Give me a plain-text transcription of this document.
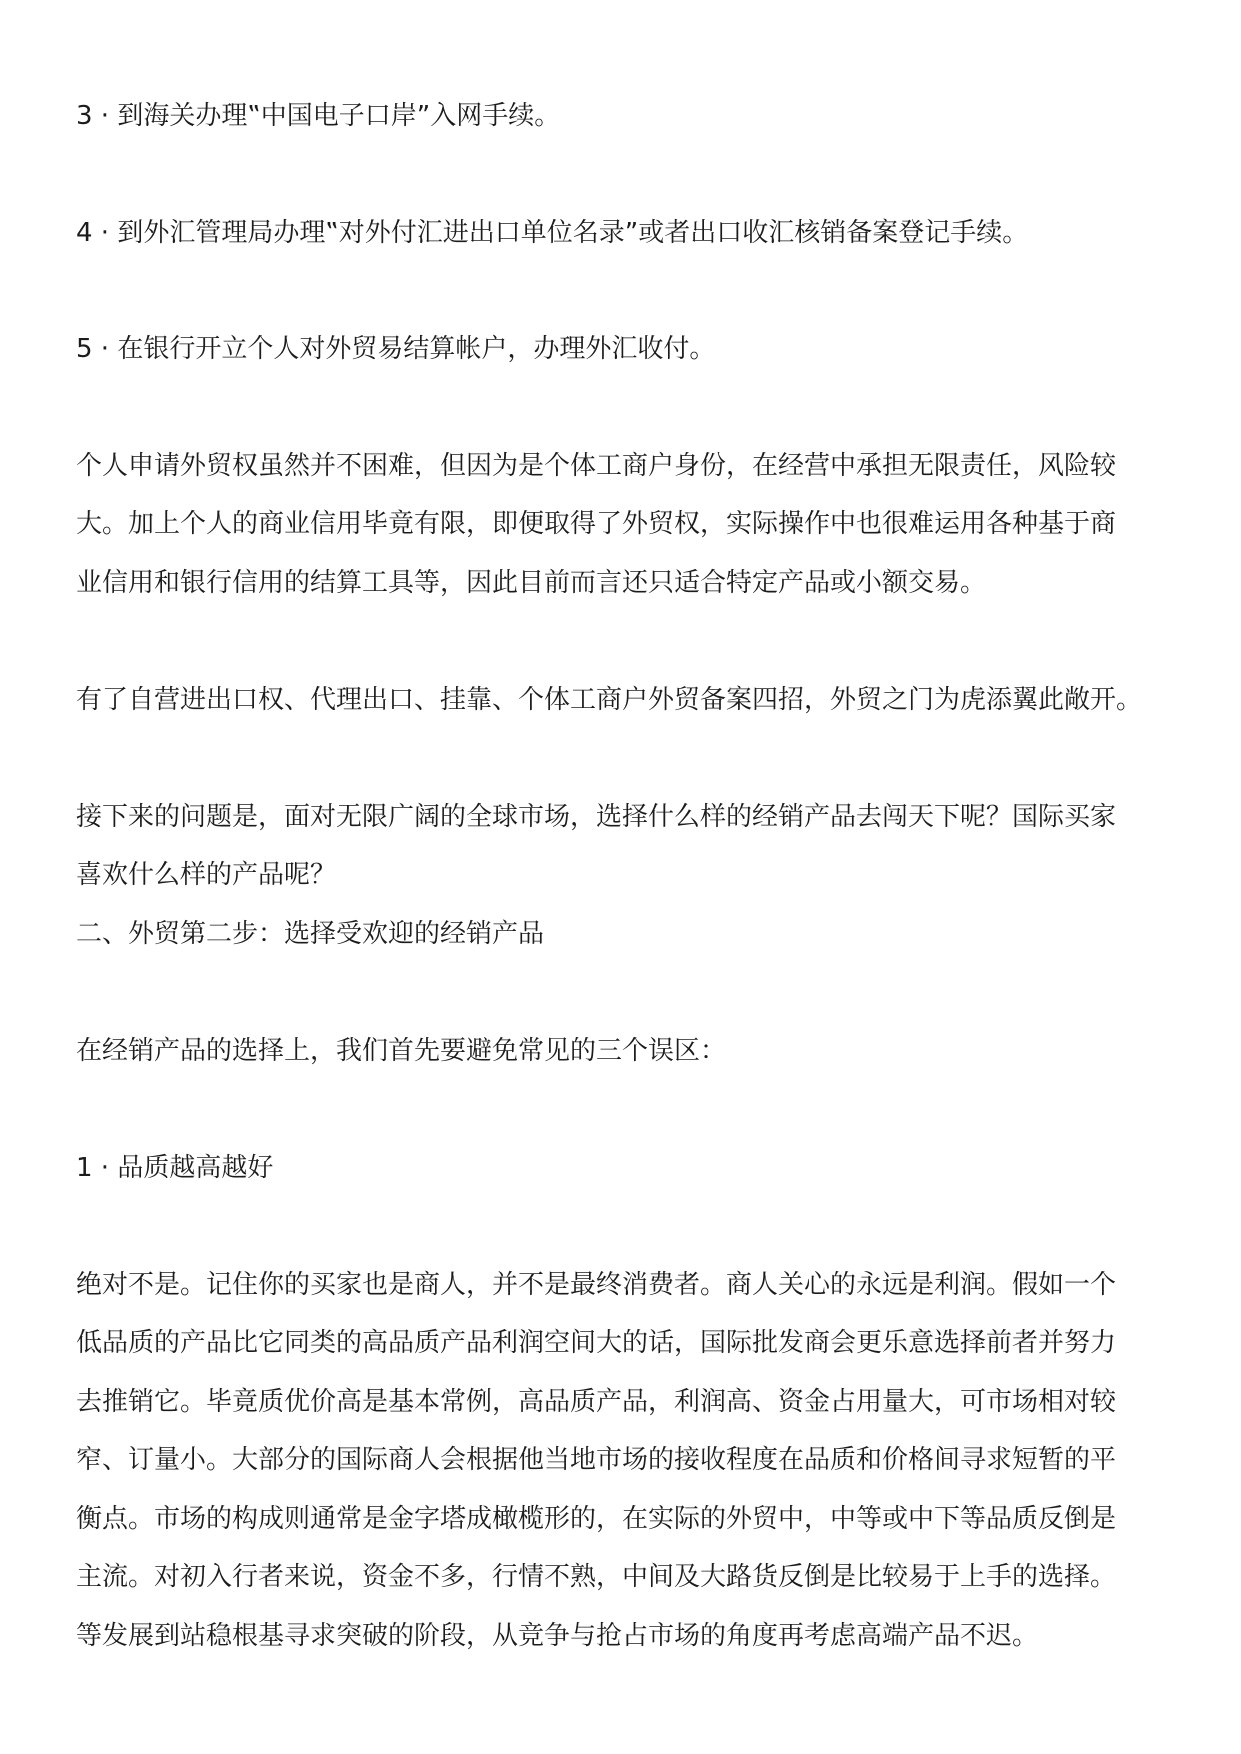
3 · 到海关办理‟中国电子口岸”入网手续。
4 · 到外汇管理局办理‟对外付汇进出口单位名录”或者出口收汇核销备案登记手续。
5 · 在银行开立个人对外贸易结算帐户，办理外汇收付。
个人申请外贸权虽然并不困难，但因为是个体工商户身份，在经营中承担无限责任，风险较
大。加上个人的商业信用毕竟有限，即便取得了外贸权，实际操作中也很难运用各种基于商
业信用和银行信用的结算工具等，因此目前而言还只适合特定产品或小额交易。
有了自营进出口权、代理出口、挂靠、个体工商户外贸备案四招，外贸之门为虎添翼此敞开。
接下来的问题是，面对无限广阔的全球市场，选择什么样的经销产品去闯天下呢？国际买家
喜欢什么样的产品呢？
二、外贸第二步：选择受欢迎的经销产品
在经销产品的选择上，我们首先要避免常见的三个误区：
1 · 品质越高越好
绝对不是。记住你的买家也是商人，并不是最终消费者。商人关心的永远是利润。假如一个
低品质的产品比它同类的高品质产品利润空间大的话，国际批发商会更乐意选择前者并努力
去推销它。毕竟质优价高是基本常例，高品质产品，利润高、资金占用量大，可市场相对较
窄、订量小。大部分的国际商人会根据他当地市场的接收程度在品质和价格间寻求短暂的平
衡点。市场的构成则通常是金字塔成橄榄形的，在实际的外贸中，中等或中下等品质反倒是
主流。对初入行者来说，资金不多，行情不熟，中间及大路货反倒是比较易于上手的选择。
等发展到站稳根基寻求突破的阶段，从竞争与抢占市场的角度再考虑高端产品不迟。
